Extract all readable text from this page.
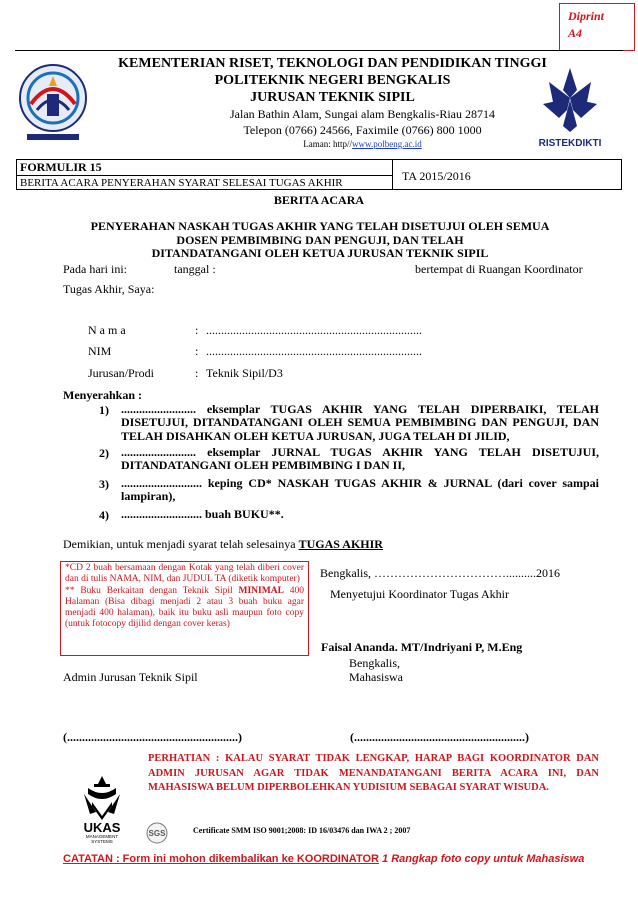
Diprint
A4
KEMENTERIAN RISET, TEKNOLOGI DAN PENDIDIKAN TINGGI
POLITEKNIK NEGERI BENGKALIS
JURUSAN TEKNIK SIPIL
Jalan Bathin Alam, Sungai alam Bengkalis-Riau 28714
Telepon (0766) 24566, Faximile (0766) 800 1000
Laman: http//www.polbeng.ac.id	RISTEKDIKTI
FORMULIR 15
BERITA ACARA PENYERAHAN SYARAT SELESAI TUGAS AKHIR	TA 2015/2016
BERITA ACARA
PENYERAHAN NASKAH TUGAS AKHIR YANG TELAH DISETUJUI OLEH SEMUA
DOSEN PEMBIMBING DAN PENGUJI, DAN TELAH
DITANDATANGANI OLEH KETUA JURUSAN TEKNIK SIPIL
Pada hari ini:	tanggal :	bertempat di Ruangan Koordinator
Tugas Akhir, Saya:
N a m a	: ........................................................................
NIM	: ........................................................................
Jurusan/Prodi	: Teknik Sipil/D3
Menyerahkan :
1) ......................... eksemplar TUGAS AKHIR YANG TELAH DIPERBAIKI, TELAH DISETUJUI, DITANDATANGANI OLEH SEMUA PEMBIMBING DAN PENGUJI, DAN TELAH DISAHKAN OLEH KETUA JURUSAN, JUGA TELAH DI JILID,
2) ......................... eksemplar JURNAL TUGAS AKHIR YANG TELAH DISETUJUI, DITANDATANGANI OLEH PEMBIMBING I DAN II,
3) ........................... keping CD* NASKAH TUGAS AKHIR & JURNAL (dari cover sampai lampiran),
4) ........................... buah BUKU**.
Demikian, untuk menjadi syarat telah selesainya TUGAS AKHIR
*CD 2 buah bersamaan dengan Kotak yang telah diberi cover dan di tulis NAMA, NIM, dan JUDUL TA (diketik komputer)
** Buku Berkaitan dengan Teknik Sipil MINIMAL 400 Halaman (Bisa dibagi menjadi 2 atau 3 buah buku agar menjadi 400 halaman), baik itu buku asli maupun foto copy (untuk fotocopy dijilid dengan cover keras)
Bengkalis, ……………………………..........2016
Menyetujui Koordinator Tugas Akhir
Faisal Ananda. MT/Indriyani P, M.Eng
Bengkalis,
Mahasiswa
Admin Jurusan Teknik Sipil
(.........................................................)	(.........................................................)
PERHATIAN : KALAU SYARAT TIDAK LENGKAP, HARAP BAGI KOORDINATOR DAN ADMIN JURUSAN AGAR TIDAK MENANDATANGANI BERITA ACARA INI, DAN MAHASISWA BELUM DIPERBOLEHKAN YUDISIUM SEBAGAI SYARAT WISUDA.
UKAS
MANAGEMENT
SYSTEMS
SGS	Certificate SMM ISO 9001;2008: ID 16/03476 dan IWA 2 ; 2007
CATATAN : Form ini mohon dikembalikan ke KOORDINATOR 1 Rangkap foto copy untuk Mahasiswa
